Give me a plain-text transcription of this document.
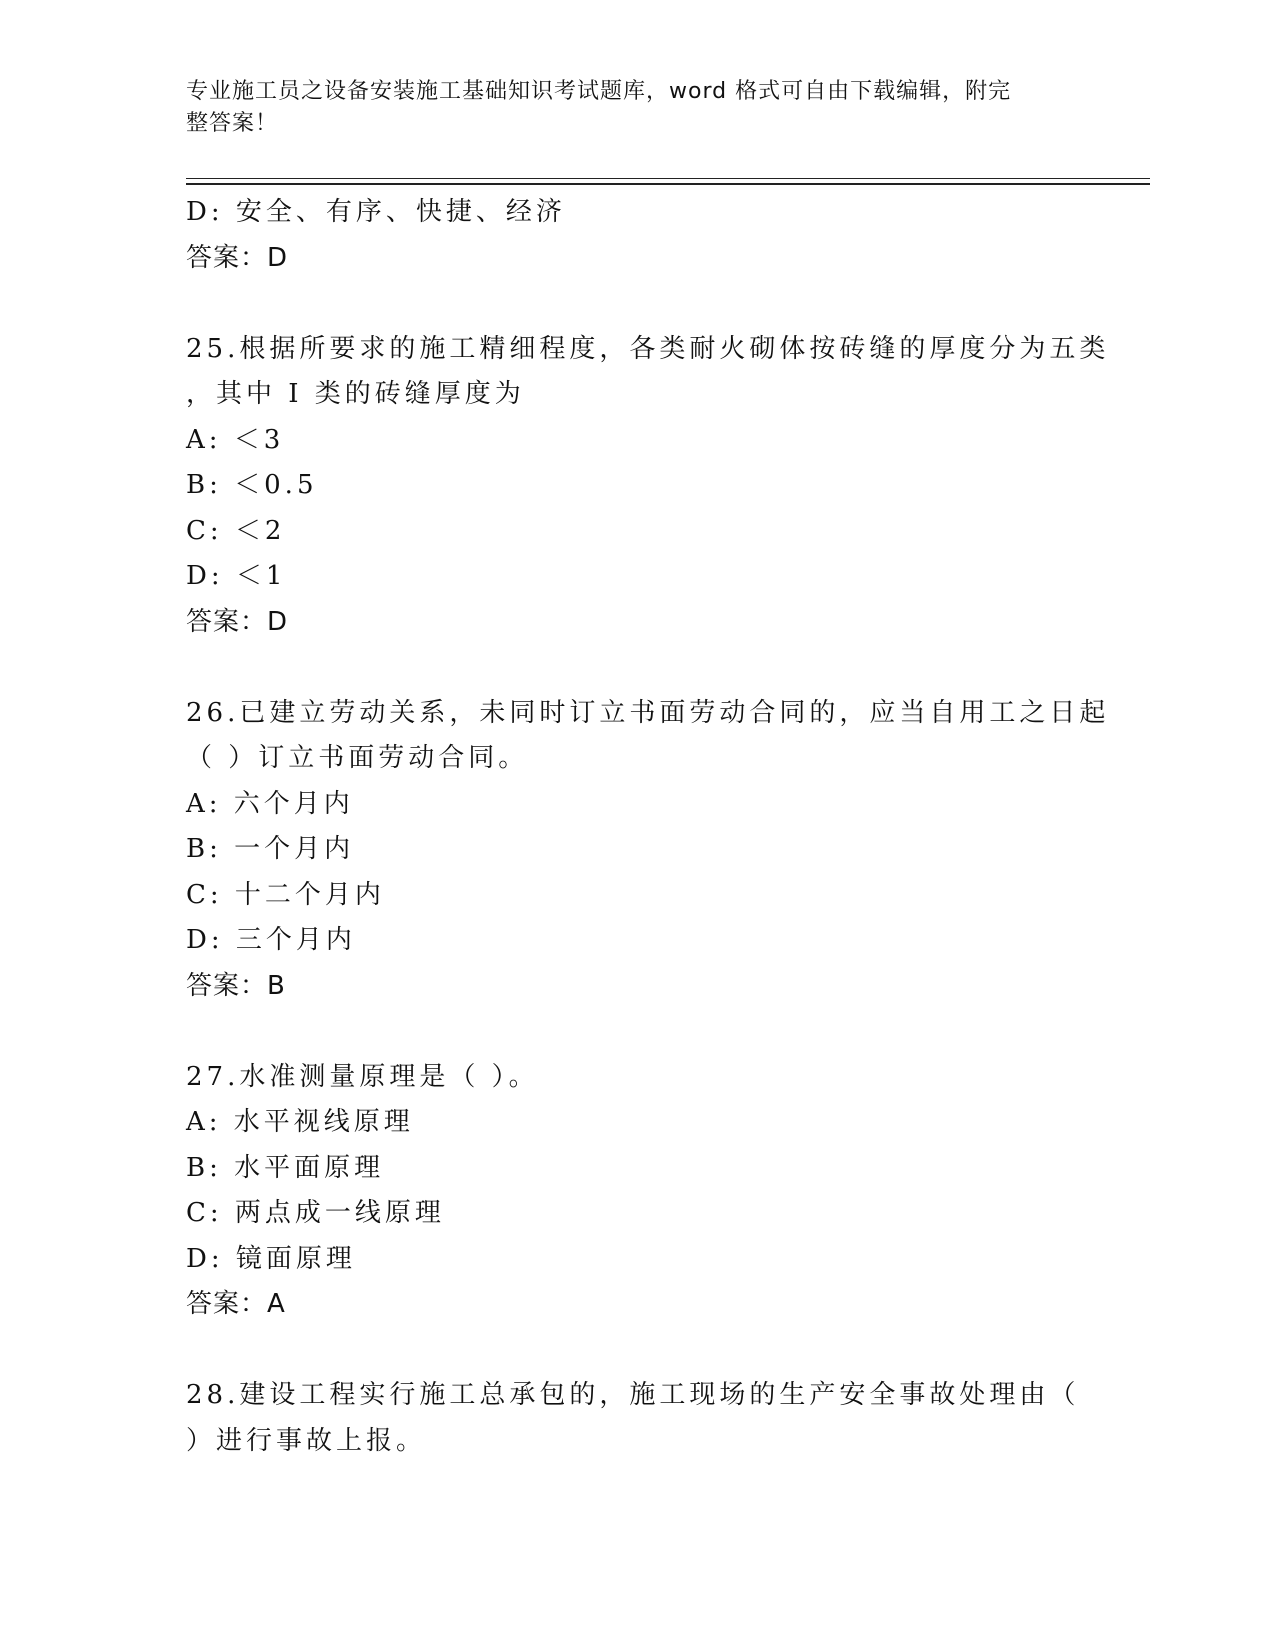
专业施工员之设备安装施工基础知识考试题库，word 格式可自由下载编辑，附完
整答案！
D: 安全、有序、快捷、经济
答案：D
25.根据所要求的施工精细程度，各类耐火砌体按砖缝的厚度分为五类
，其中 I 类的砖缝厚度为
A: ＜3
B: ＜0.5
C: ＜2
D: ＜1
答案：D
26.已建立劳动关系，未同时订立书面劳动合同的，应当自用工之日起
（ ）订立书面劳动合同。
A: 六个月内
B: 一个月内
C: 十二个月内
D: 三个月内
答案：B
27.水准测量原理是（ ）。
A: 水平视线原理
B: 水平面原理
C: 两点成一线原理
D: 镜面原理
答案：A
28.建设工程实行施工总承包的，施工现场的生产安全事故处理由（
）进行事故上报。
